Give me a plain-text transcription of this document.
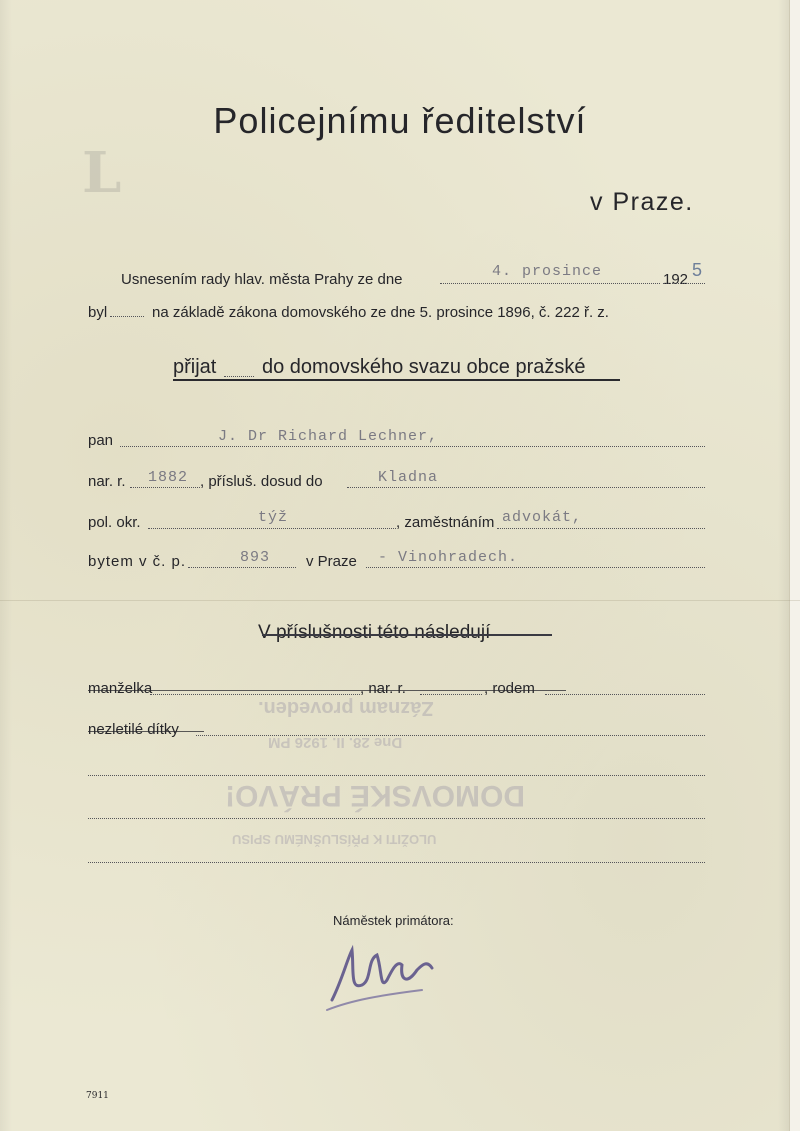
L
Policejnímu ředitelství
v Praze.
Usnesením rady hlav. města Prahy ze dne	4. prosince	192 5
byl	na základě zákona domovského ze dne 5. prosince 1896, č. 222 ř. z.
přijat do domovského svazu obce pražské
pan	J. Dr Richard Lechner,
nar. r. 1882 , přísluš. dosud do	Kladna
pol. okr.	týž	, zaměstnáním advokát,
bytem v č. p.	893 v Praze - Vinohradech.
V příslušnosti této následují
manželka	, nar. r.	, rodem
nezletilé dítky
Záznam proveden.
Dne 28. II. 1926 PM
DOMOVSKÉ PRÁVO!
ULOŽITI K PŘÍSLUŠNÉMU SPISU
Náměstek primátora:
7911
